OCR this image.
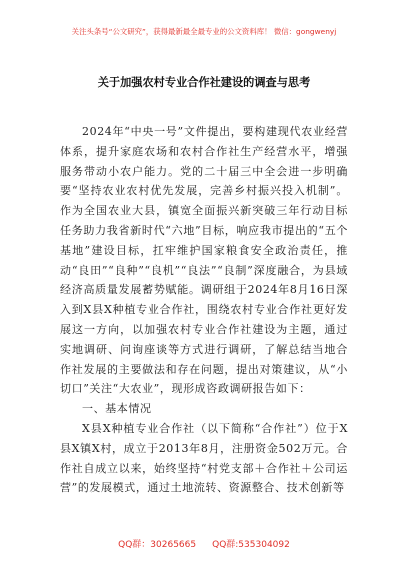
关注头条号“公文研究”，获得最新最全最专业的公文资料库！ 微信：gongwenyj
关于加强农村专业合作社建设的调查与思考

2024年“中央一号”文件提出，要构建现代农业经营体系，提升家庭农场和农村合作社生产经营水平，增强服务带动小农户能力。党的二十届三中全会进一步明确要“坚持农业农村优先发展，完善乡村振兴投入机制”。作为全国农业大县，镇宽全面振兴新突破三年行动目标任务助力我省新时代“六地”目标，响应我市提出的“五个基地”建设目标，扛牢维护国家粮食安全政治责任，推动“良田”“良种”“良机”“良法”“良制”深度融合，为县域经济高质量发展蓄势赋能。调研组于2024年8月16日深入到X县X种植专业合作社，围绕农村专业合作社更好发展这一方向，以加强农村专业合作社建设为主题，通过实地调研、问询座谈等方式进行调研，了解总结当地合作社发展的主要做法和存在问题，提出对策建议，从“小切口”关注“大农业”，现形成咨政调研报告如下：

一、基本情况

X县X种植专业合作社（以下简称“合作社”）位于X县X镇X村，成立于2013年8月，注册资金502万元。合作社自成立以来，始终坚持“村党支部＋合作社＋公司运营”的发展模式，通过土地流转、资源整合、技术创新等

QQ群：30265665 QQ群:535304092
